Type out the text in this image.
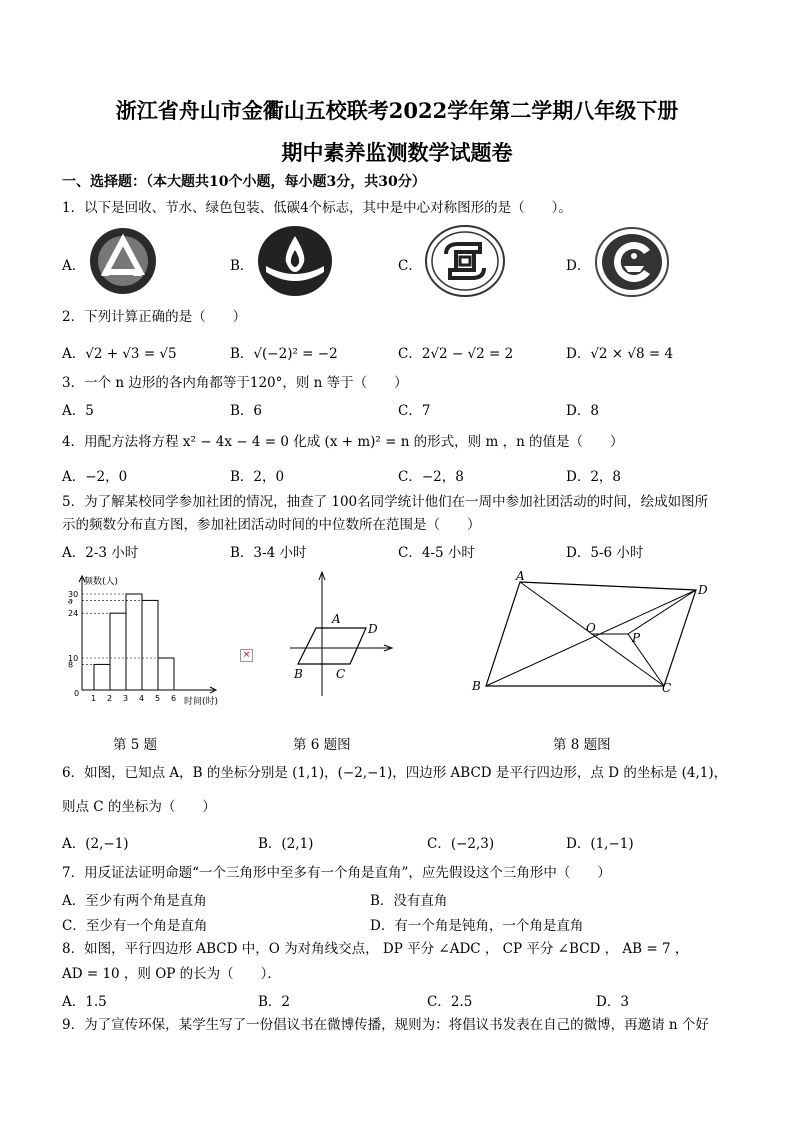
浙江省舟山市金衢山五校联考2022学年第二学期八年级下册
期中素养监测数学试题卷
一、选择题：（本大题共10个小题，每小题3分，共30分）
1．以下是回收、节水、绿色包装、低碳4个标志，其中是中心对称图形的是（　　）。
A．	B．	C．	D．
2．下列计算正确的是（　　）
A．√2 + √3 = √5	B．√(−2)² = −2	C．2√2 − √2 = 2	D．√2 × √8 = 4
3．一个 n 边形的各内角都等于120°，则 n 等于（　　）
A．5	B．6	C．7	D．8
4．用配方法将方程 x² − 4x − 4 = 0 化成 (x + m)² = n 的形式，则 m ，n 的值是（　　）
A．−2，0	B．2，0	C．−2，8	D．2，8
5．为了解某校同学参加社团的情况，抽查了 100名同学统计他们在一周中参加社团活动的时间，绘成如图所
示的频数分布直方图，参加社团活动时间的中位数所在范围是（　　）
A．2-3 小时	B．3-4 小时	C．4-5 小时	D．5-6 小时
频数(人)
时间(时)
0
8
10
24
a
30
1 2 3 4 5 6
A
D
B	C
×
A
D
O
P
B	C
第 5 题	第 6 题图	第 8 题图
6．如图，已知点 A，B 的坐标分别是 (1,1)，(−2,−1)，四边形 ABCD 是平行四边形，点 D 的坐标是 (4,1)，
则点 C 的坐标为（　　）
A．(2,−1)	B．(2,1)	C．(−2,3)	D．(1,−1)
7．用反证法证明命题“一个三角形中至多有一个角是直角”，应先假设这个三角形中（　　）
A．至少有两个角是直角	B．没有直角
C．至少有一个角是直角	D．有一个角是钝角，一个角是直角
8．如图，平行四边形 ABCD 中，O 为对角线交点， DP 平分 ∠ADC ， CP 平分 ∠BCD ， AB = 7 ，
AD = 10 ，则 OP 的长为（　　）．
A．1.5	B．2	C．2.5	D．3
9．为了宣传环保，某学生写了一份倡议书在微博传播，规则为：将倡议书发表在自己的微博，再邀请 n 个好
